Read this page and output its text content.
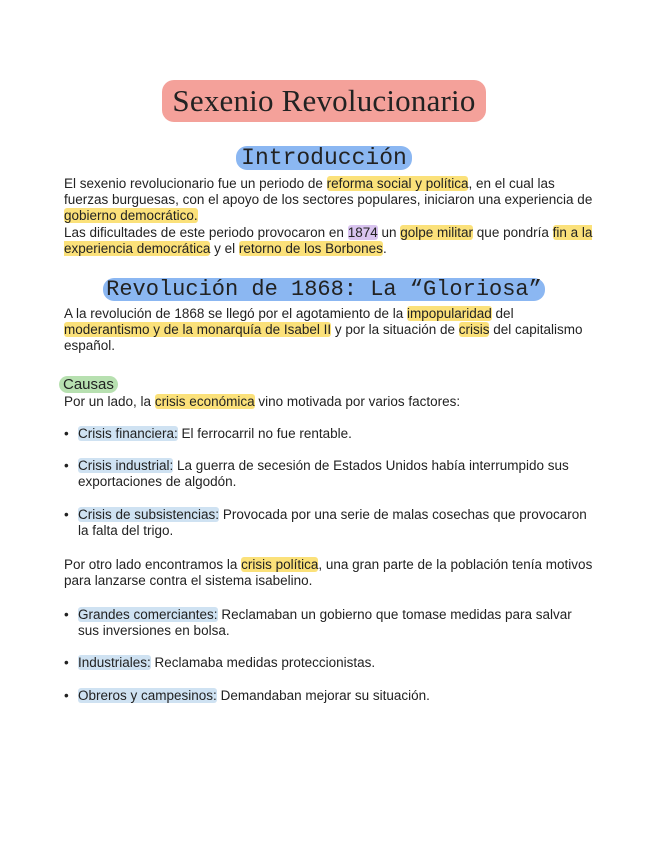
Sexenio Revolucionario
Introducción

El sexenio revolucionario fue un periodo de reforma social y política, en el cual las fuerzas burguesas, con el apoyo de los sectores populares, iniciaron una experiencia de gobierno democrático.

Las dificultades de este periodo provocaron en 1874 un golpe militar que pondría fin a la experiencia democrática y el retorno de los Borbones.

Revolución de 1868: La “Gloriosa”

A la revolución de 1868 se llegó por el agotamiento de la impopularidad del moderantismo y de la monarquía de Isabel II y por la situación de crisis del capitalismo español.

Causas

Por un lado, la crisis económica vino motivada por varios factores:

• Crisis financiera: El ferrocarril no fue rentable.
• Crisis industrial: La guerra de secesión de Estados Unidos había interrumpido sus exportaciones de algodón.
• Crisis de subsistencias: Provocada por una serie de malas cosechas que provocaron la falta del trigo.

Por otro lado encontramos la crisis política, una gran parte de la población tenía motivos para lanzarse contra el sistema isabelino.

• Grandes comerciantes: Reclamaban un gobierno que tomase medidas para salvar sus inversiones en bolsa.
• Industriales: Reclamaba medidas proteccionistas.
• Obreros y campesinos: Demandaban mejorar su situación.
